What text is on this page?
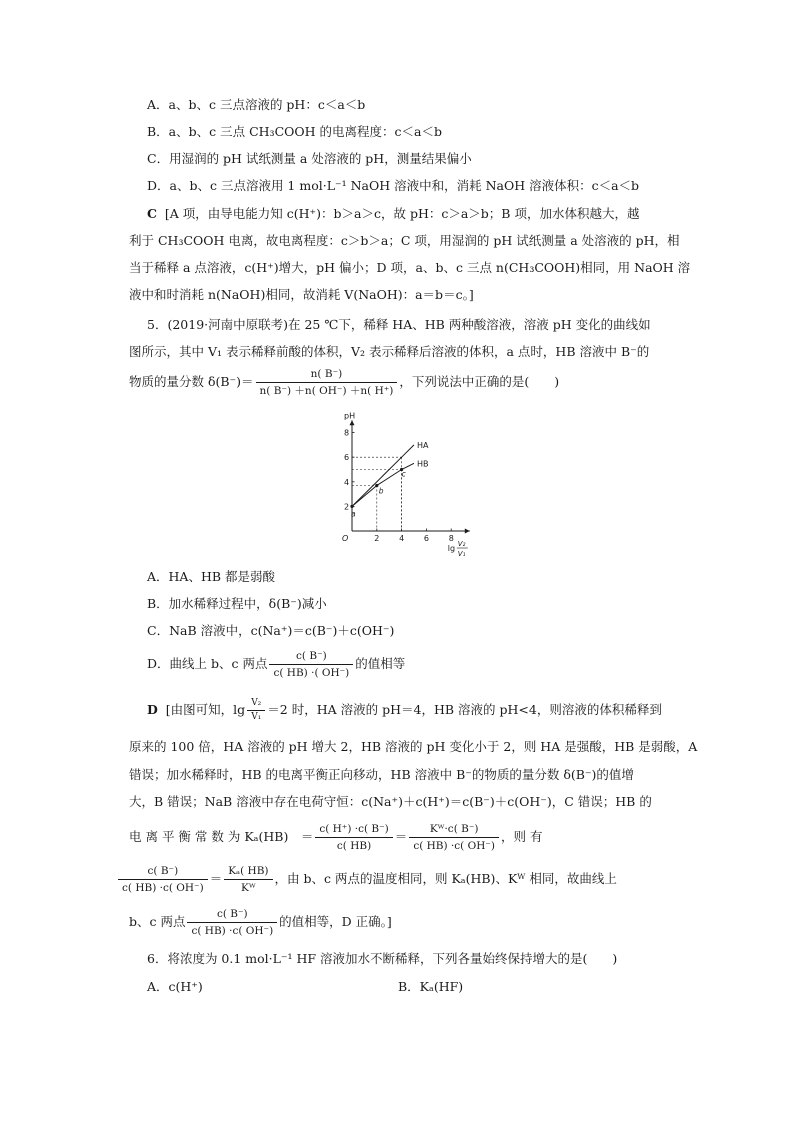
A．a、b、c 三点溶液的 pH：c＜a＜b
B．a、b、c 三点 CH₃COOH 的电离程度：c＜a＜b
C．用湿润的 pH 试纸测量 a 处溶液的 pH，测量结果偏小
D．a、b、c 三点溶液用 1 mol·L⁻¹ NaOH 溶液中和，消耗 NaOH 溶液体积：c＜a＜b
C [A 项，由导电能力知 c(H⁺)：b＞a＞c，故 pH：c＞a＞b；B 项，加水体积越大，越
利于 CH₃COOH 电离，故电离程度：c＞b＞a；C 项，用湿润的 pH 试纸测量 a 处溶液的 pH，相
当于稀释 a 点溶液，c(H⁺)增大，pH 偏小；D 项，a、b、c 三点 n(CH₃COOH)相同，用 NaOH 溶
液中和时消耗 n(NaOH)相同，故消耗 V(NaOH)：a＝b＝c。]
5．(2019·河南中原联考)在 25 ℃下，稀释 HA、HB 两种酸溶液，溶液 pH 变化的曲线如
图所示，其中 V₁ 表示稀释前酸的体积，V₂ 表示稀释后溶液的体积，a 点时，HB 溶液中 B⁻的
物质的量分数 $\delta(B^-)= \frac{n( B^-)}{n( B^-) +n( OH^-) +n( H^+)}$ ，下列说法中正确的是(　　)
2 4 6 8
2
4
6
8
O
pH
lg V₂
V₁
HA
HB
a
b
c
A．HA、HB 都是弱酸
B．加水稀释过程中，δ(B⁻)减小
C．NaB 溶液中，c(Na⁺)＝c(B⁻)＋c(OH⁻)
D．曲线上 b、c 两点 $\frac{c( B^-)}{c( HB) \cdot( OH^-)}$ 的值相等
D [由图可知，$\lg \frac{\text{V₂}}{\text{V₁}} =2$ 时，HA 溶液的 pH＝4，HB 溶液的 pH<4，则溶液的体积稀释到
原来的 100 倍，HA 溶液的 pH 增大 2，HB 溶液的 pH 变化小于 2，则 HA 是强酸，HB 是弱酸，A
错误；加水稀释时，HB 的电离平衡正向移动，HB 溶液中 B⁻的物质的量分数 δ(B⁻)的值增
大，B 错误；NaB 溶液中存在电荷守恒：c(Na⁺)＋c(H⁺)＝c(B⁻)＋c(OH⁻)，C 错误；HB 的
电 离 平 衡 常 数 为 Kₐ(HB)　＝ $\frac{c( H^+) \cdot c( B^-)}{c( HB)} = \frac{\text{Kᵂ·c( B⁻)}}{c( HB) \cdot c( OH^-)}$ ，则 有
$\frac{c( B^-)}{c( HB) \cdot c( OH^-)} = \frac{\text{Kₐ( HB)}}{\text{Kᵂ}}$ ，由 b、c 两点的温度相同，则 Kₐ(HB)、Kᵂ 相同，故曲线上
b、c 两点 $\frac{c( B^-)}{c( HB) \cdot c( OH^-)}$ 的值相等，D 正确。]
6．将浓度为 0.1 mol·L⁻¹ HF 溶液加水不断稀释，下列各量始终保持增大的是(　　)
A．c(H⁺)	B．Kₐ(HF)
